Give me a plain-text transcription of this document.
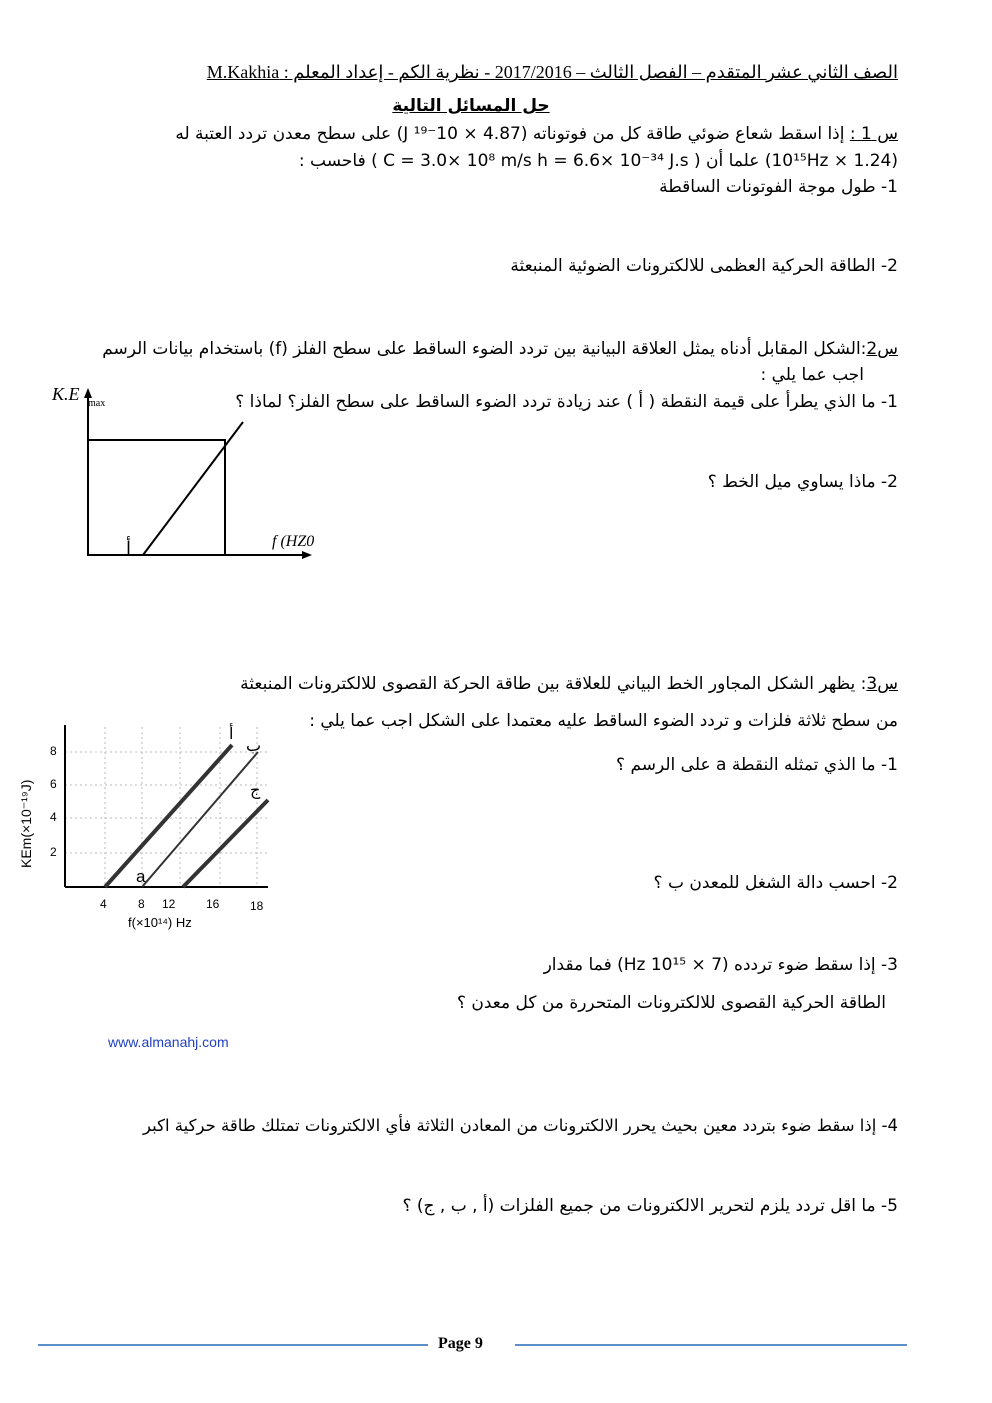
الصف الثاني عشر المتقدم – الفصل الثالث – 2017/2016 - نظرية الكم - إعداد المعلم : M.Kakhia
حل المسائل التالية
س 1 : إذا اسقط شعاع ضوئي طاقة كل من فوتوناته (4.87 × 10⁻¹⁹ J) على سطح معدن تردد العتبة له
(1.24 × 10¹⁵Hz) علما أن ( C = 3.0× 10⁸ m/s h = 6.6× 10⁻³⁴ J.s ) فاحسب :
1- طول موجة الفوتونات الساقطة
2- الطاقة الحركية العظمى للالكترونات الضوئية المنبعثة
س2:الشكل المقابل أدناه يمثل العلاقة البيانية بين تردد الضوء الساقط على سطح الفلز (f) باستخدام بيانات الرسم
اجب عما يلي :
1- ما الذي يطرأ على قيمة النقطة ( أ ) عند زيادة تردد الضوء الساقط على سطح الفلز؟ لماذا ؟
2- ماذا يساوي ميل الخط ؟
K.E max
f (HZ0
أ
س3: يظهر الشكل المجاور الخط البياني للعلاقة بين طاقة الحركة القصوى للالكترونات المنبعثة
من سطح ثلاثة فلزات و تردد الضوء الساقط عليه معتمدا على الشكل اجب عما يلي :
1- ما الذي تمثله النقطة a على الرسم ؟
2- احسب دالة الشغل للمعدن ب ؟
3- إذا سقط ضوء تردده (7 × 10¹⁵ Hz) فما مقدار
الطاقة الحركية القصوى للالكترونات المتحررة من كل معدن ؟
4- إذا سقط ضوء بتردد معين بحيث يحرر الالكترونات من المعادن الثلاثة فأي الالكترونات تمتلك طاقة حركية اكبر
5- ما اقل تردد يلزم لتحرير الالكترونات من جميع الفلزات (أ , ب , ج) ؟
KEm(×10⁻¹⁹J)
4	8 12	16	18
2
4
6
8
f(×10¹⁴) Hz
أ
ب
ج
a
www.almanahj.com
Page 9
